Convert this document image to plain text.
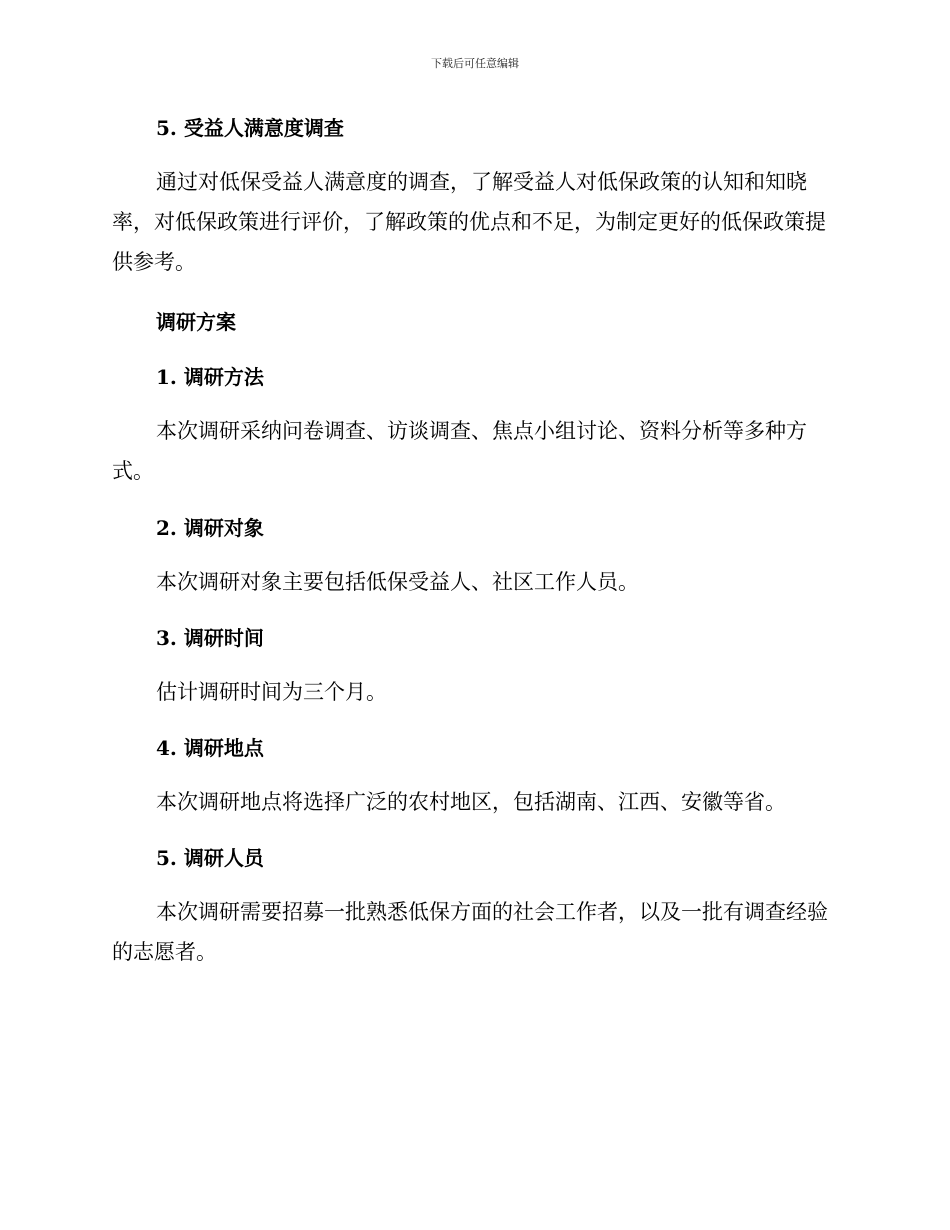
下载后可任意编辑
5. 受益人满意度调查
通过对低保受益人满意度的调查，了解受益人对低保政策的认知和知晓率，对低保政策进行评价，了解政策的优点和不足，为制定更好的低保政策提供参考。
调研方案
1. 调研方法
本次调研采纳问卷调查、访谈调查、焦点小组讨论、资料分析等多种方式。
2. 调研对象
本次调研对象主要包括低保受益人、社区工作人员。
3. 调研时间
估计调研时间为三个月。
4. 调研地点
本次调研地点将选择广泛的农村地区，包括湖南、江西、安徽等省。
5. 调研人员
本次调研需要招募一批熟悉低保方面的社会工作者，以及一批有调查经验的志愿者。
